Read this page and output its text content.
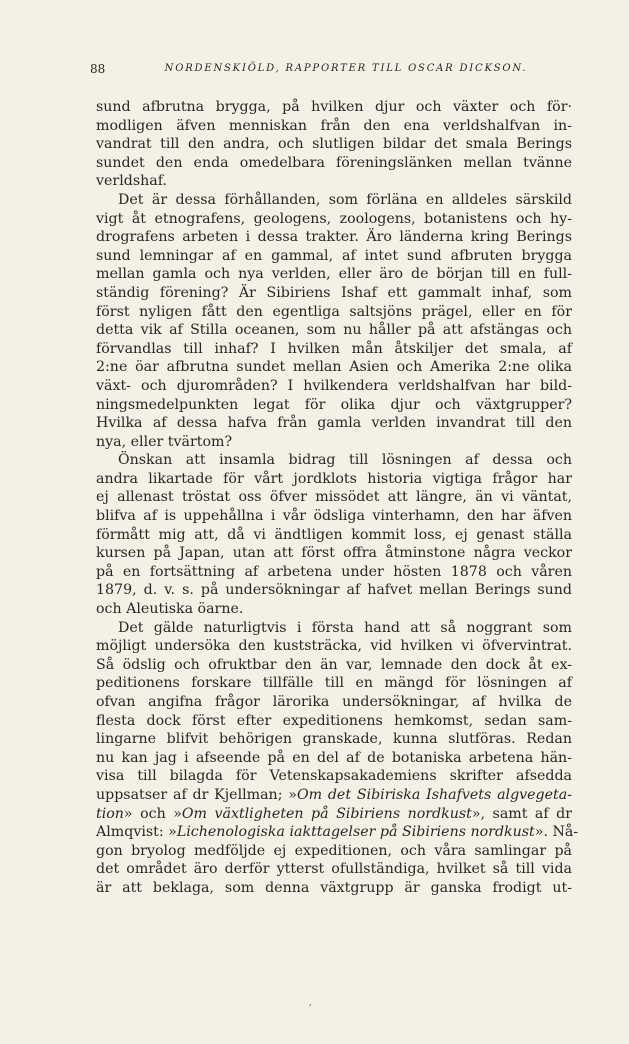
88	NORDENSKIÖLD, RAPPORTER TILL OSCAR DICKSON.
sund afbrutna brygga, på hvilken djur och växter och för·
modligen äfven menniskan från den ena verldshalfvan in-
vandrat till den andra, och slutligen bildar det smala Berings
sundet den enda omedelbara föreningslänken mellan tvänne
verldshaf.
Det är dessa förhållanden, som förläna en alldeles särskild
vigt åt etnografens, geologens, zoologens, botanistens och hy-
drografens arbeten i dessa trakter. Äro länderna kring Berings
sund lemningar af en gammal, af intet sund afbruten brygga
mellan gamla och nya verlden, eller äro de början till en full-
ständig förening? Är Sibiriens Ishaf ett gammalt inhaf, som
först nyligen fått den egentliga saltsjöns prägel, eller en för
detta vik af Stilla oceanen, som nu håller på att afstängas och
förvandlas till inhaf? I hvilken mån åtskiljer det smala, af
2:ne öar afbrutna sundet mellan Asien och Amerika 2:ne olika
växt- och djurområden? I hvilkendera verldshalfvan har bild-
ningsmedelpunkten legat för olika djur och växtgrupper?
Hvilka af dessa hafva från gamla verlden invandrat till den
nya, eller tvärtom?
Önskan att insamla bidrag till lösningen af dessa och
andra likartade för vårt jordklots historia vigtiga frågor har
ej allenast tröstat oss öfver missödet att längre, än vi väntat,
blifva af is uppehållna i vår ödsliga vinterhamn, den har äfven
förmått mig att, då vi ändtligen kommit loss, ej genast ställa
kursen på Japan, utan att först offra åtminstone några veckor
på en fortsättning af arbetena under hösten 1878 och våren
1879, d. v. s. på undersökningar af hafvet mellan Berings sund
och Aleutiska öarne.
Det gälde naturligtvis i första hand att så noggrant som
möjligt undersöka den kuststräcka, vid hvilken vi öfvervintrat.
Så ödslig och ofruktbar den än var, lemnade den dock åt ex-
peditionens forskare tillfälle till en mängd för lösningen af
ofvan angifna frågor lärorika undersökningar, af hvilka de
flesta dock först efter expeditionens hemkomst, sedan sam-
lingarne blifvit behörigen granskade, kunna slutföras. Redan
nu kan jag i afseende på en del af de botaniska arbetena hän-
visa till bilagda för Vetenskapsakademiens skrifter afsedda
uppsatser af dr Kjellman; »Om det Sibiriska Ishafvets algvegeta-
tion» och »Om växtligheten på Sibiriens nordkust», samt af dr
Almqvist: »Lichenologiska iakttagelser på Sibiriens nordkust». Nå-
gon bryolog medföljde ej expeditionen, och våra samlingar på
det området äro derför ytterst ofullständiga, hvilket så till vida
är att beklaga, som denna växtgrupp är ganska frodigt ut-
‚
